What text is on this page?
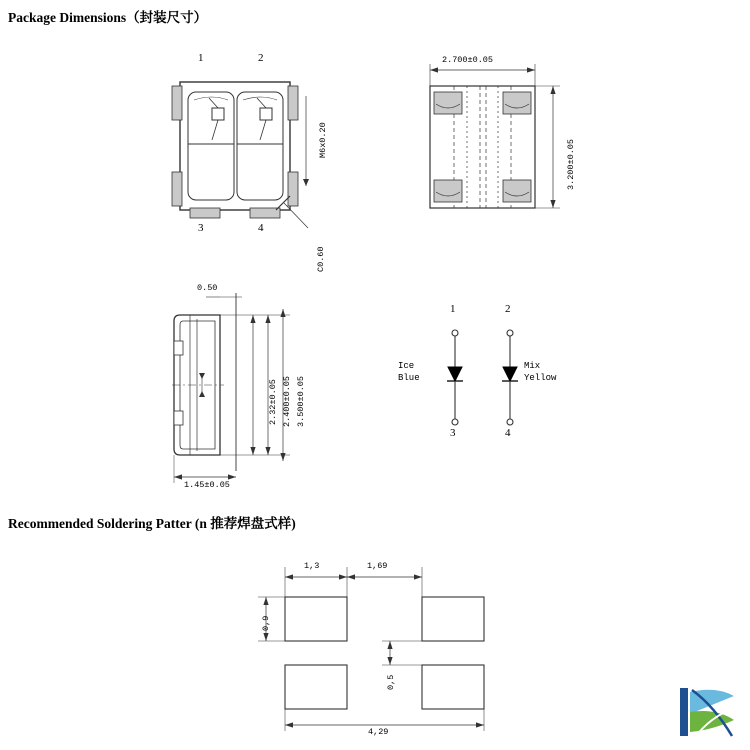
Package Dimensions（封装尺寸）
Recommended Soldering Patter (n 推荐焊盘式样)
1	2
3	4
M6x0.20
C0.60
2.700±0.05
3.200±0.05
0.50
3.500±0.05
2.400±0.05
2.32±0.05
1.45±0.05
1	2
3	4
Ice
Blue
Mix
Yellow
1,3	1,69
0,9
0,5
4,29
